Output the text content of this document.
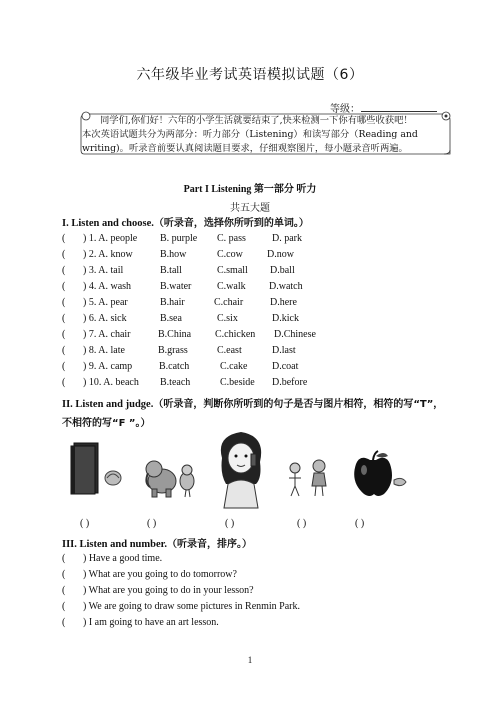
六年级毕业考试英语模拟试题（6）
等级：
同学们,你们好！六年的小学生活就要结束了,快来检测一下你有哪些收获吧！
本次英语试题共分为两部分：听力部分（Listening）和读写部分（Reading and
writing)。听录音前要认真阅读题目要求，仔细观察图片，每小题录音听两遍。
Part I Listening 第一部分 听力
共五大题
I. Listen and choose.（听录音，选择你所听到的单词。）
( ) 1. A. people B. purple C. pass	D. park
( ) 2. A. know	B.how	C.cow D.now
( ) 3. A. tail	B.tall	C.small D.ball
( ) 4. A. wash	B.water	C.walk D.watch
( ) 5. A. pear	B.hair	C.chair	D.here
( ) 6. A. sick	B.sea	C.six	D.kick
( ) 7. A. chair	B.China C.chicken D.Chinese
( ) 8. A. late	B.grass	C.east	D.last
( ) 9. A. camp	B.catch	C.cake D.coat
( ) 10. A. beach B.teach	C.beside D.before
II. Listen and judge.（听录音，判断你所听到的句子是否与图片相符，相符的写“T”，
不相符的写“F ”。）
( )	( )	( )	( )	( )
III. Listen and number.（听录音，排序。）
( ) Have a good time.
( ) What are you going to do tomorrow?
( ) What are you going to do in your lesson?
( ) We are going to draw some pictures in Renmin Park.
( ) I am going to have an art lesson.
1
